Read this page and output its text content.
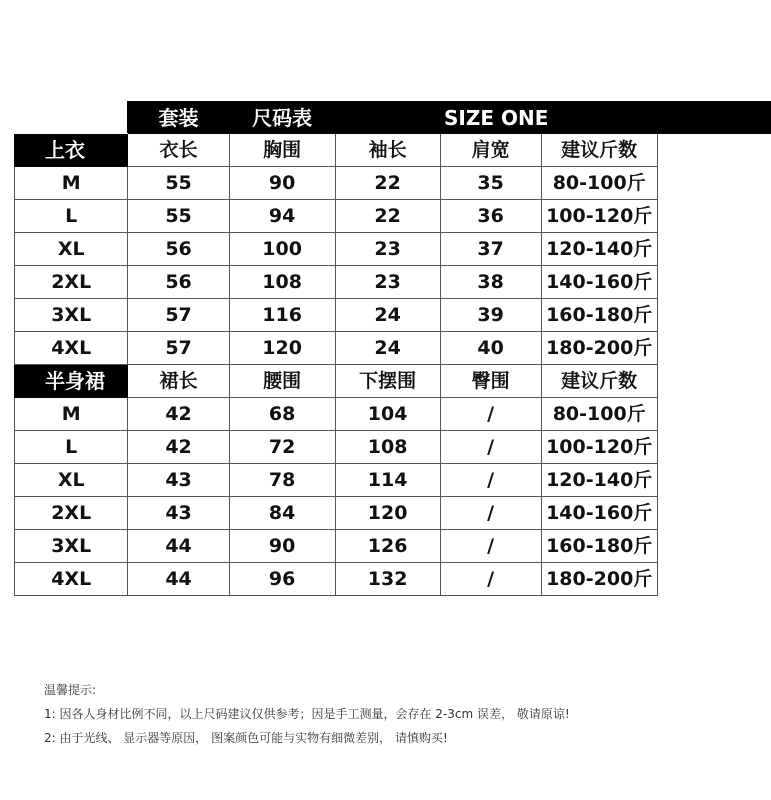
	套装	尺码表	SIZE ONE			
上衣	衣长	胸围	袖长	肩宽	建议斤数	
M	55	90	22	35	80-100斤	
L	55	94	22	36	100-120斤	
XL	56	100	23	37	120-140斤	
2XL	56	108	23	38	140-160斤	
3XL	57	116	24	39	160-180斤	
4XL	57	120	24	40	180-200斤	
半身裙	裙长	腰围	下摆围	臀围	建议斤数	
M	42	68	104	/	80-100斤	
L	42	72	108	/	100-120斤	
XL	43	78	114	/	120-140斤	
2XL	43	84	120	/	140-160斤	
3XL	44	90	126	/	160-180斤	
4XL	44	96	132	/	180-200斤	
温馨提示:
1: 因各人身材比例不同，以上尺码建议仅供参考；因是手工测量，会存在 2-3cm 误差， 敬请原谅!
2: 由于光线、 显示器等原因， 图案颜色可能与实物有细微差别， 请慎购买!
